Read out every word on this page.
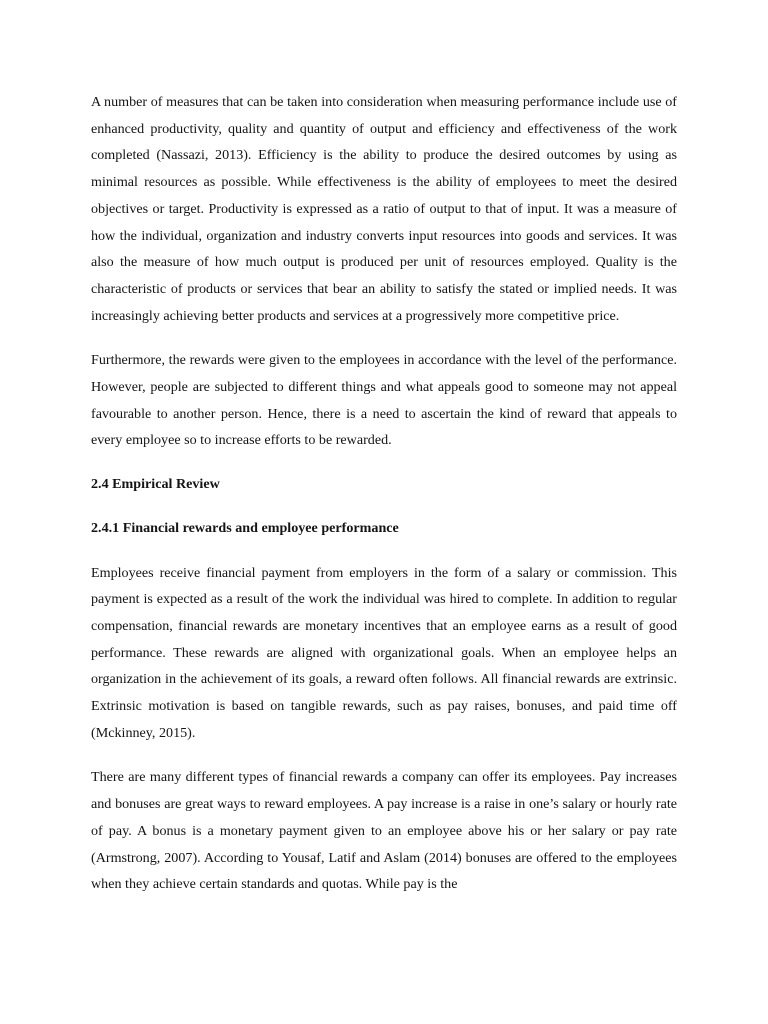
A number of measures that can be taken into consideration when measuring performance include use of enhanced productivity, quality and quantity of output and efficiency and effectiveness of the work completed (Nassazi, 2013). Efficiency is the ability to produce the desired outcomes by using as minimal resources as possible. While effectiveness is the ability of employees to meet the desired objectives or target. Productivity is expressed as a ratio of output to that of input. It was a measure of how the individual, organization and industry converts input resources into goods and services. It was also the measure of how much output is produced per unit of resources employed. Quality is the characteristic of products or services that bear an ability to satisfy the stated or implied needs. It was increasingly achieving better products and services at a progressively more competitive price.

Furthermore, the rewards were given to the employees in accordance with the level of the performance. However, people are subjected to different things and what appeals good to someone may not appeal favourable to another person. Hence, there is a need to ascertain the kind of reward that appeals to every employee so to increase efforts to be rewarded.

2.4 Empirical Review

2.4.1 Financial rewards and employee performance

Employees receive financial payment from employers in the form of a salary or commission. This payment is expected as a result of the work the individual was hired to complete. In addition to regular compensation, financial rewards are monetary incentives that an employee earns as a result of good performance. These rewards are aligned with organizational goals. When an employee helps an organization in the achievement of its goals, a reward often follows. All financial rewards are extrinsic. Extrinsic motivation is based on tangible rewards, such as pay raises, bonuses, and paid time off (Mckinney, 2015).

There are many different types of financial rewards a company can offer its employees. Pay increases and bonuses are great ways to reward employees. A pay increase is a raise in one’s salary or hourly rate of pay. A bonus is a monetary payment given to an employee above his or her salary or pay rate (Armstrong, 2007). According to Yousaf, Latif and Aslam (2014) bonuses are offered to the employees when they achieve certain standards and quotas. While pay is the
